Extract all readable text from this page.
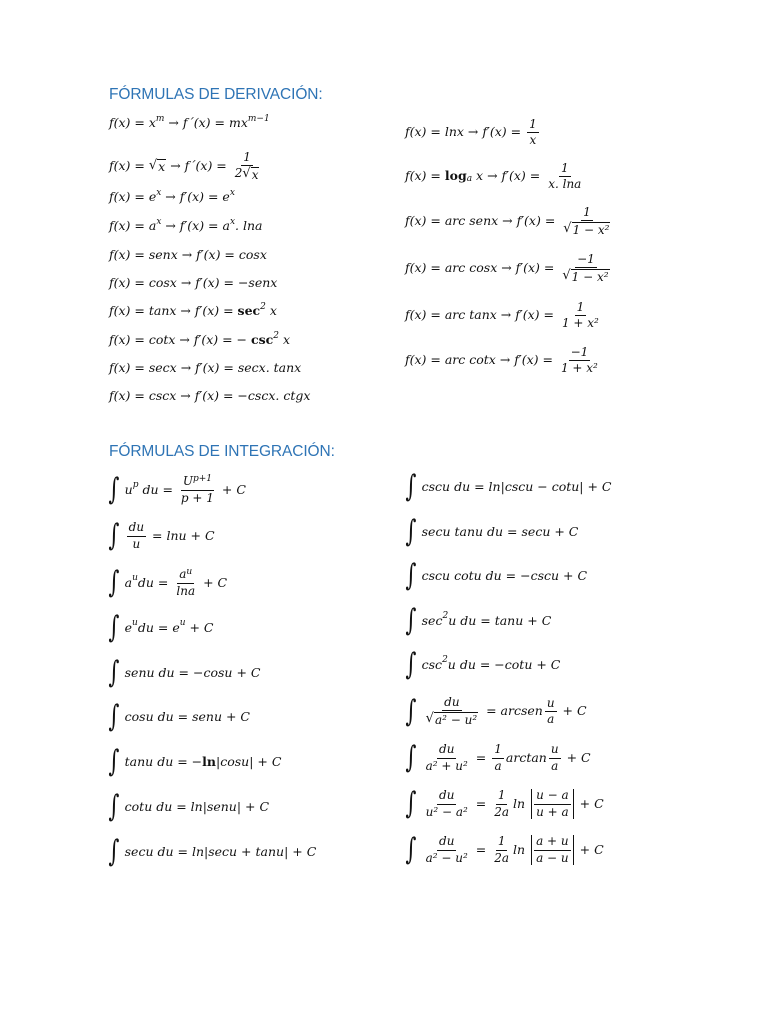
FÓRMULAS DE DERIVACIÓN:
FÓRMULAS DE INTEGRACIÓN:
f(x) = x m → f´(x) = mx m−1
f(x) = √ x → f´(x) = $\frac{1}{2 √ x}$
f(x) = e x → f′(x) = e x
f(x) = a x → f′(x) = a x . lna
f(x) = senx → f′(x) = cosx
f(x) = cosx → f′(x) = −senx
f(x) = tanx → f′(x) = sec 2 x
f(x) = cotx → f′(x) = − csc 2 x
f(x) = secx → f′(x) = secx. tanx
f(x) = cscx → f′(x) = −cscx. ctgx
$f(x) = \ln x \to f'(x) = \frac{1}{x}$
f(x) = log a $x \to f'(x) = \frac{1}{x. \ln a}$
f(x) = arc senx → $f'(x) = \frac{1}{\text{√ 1 − x²}}$
f(x) = arc $\cos x \to f'(x) = \frac{-1}{\text{√ 1 − x²}}$
f(x) = arc $\tan x \to f'(x) = \frac{1}{\text{1 + x²}}$
f(x) = arc $\cot x \to f'(x) = \frac{-1}{\text{1 + x²}}$
∫ u p du = $\frac{U^{p+1}}{p + 1} + C$
∫ $\frac{du}{u} = \ln u + C$
∫ a u du = $\frac{a^u}{\ln a} + C$
∫ e u du = e u + C
∫ senu du = −cosu + C
∫ cosu du = senu + C
∫ tanu du = − ln |cosu| + C
∫ cotu du = ln|senu| + C
∫ secu du = ln|secu + tanu| + C
∫ cscu du = ln|cscu − cotu| + C
∫ secu tanu du = secu + C
∫ cscu cotu du = −cscu + C
∫ sec 2 u du = tanu + C
∫ csc 2 u du = −cotu + C
∫ $\frac{du}{\text{√ a² − u²}}$ = arcsen $\frac{u}{a} + C$
∫ $\frac{du}{\text{a² + u²}} = \frac{1}{a}$ $\arctan \frac{u}{a} + C$
∫ $\frac{du}{\text{u² − a²}} = \frac{1}{2a}$ $\ln \frac{u - a}{u + a} + C$
∫ $\frac{du}{\text{a² − u²}} = \frac{1}{2a}$ $\ln \frac{a + u}{a - u} + C$
